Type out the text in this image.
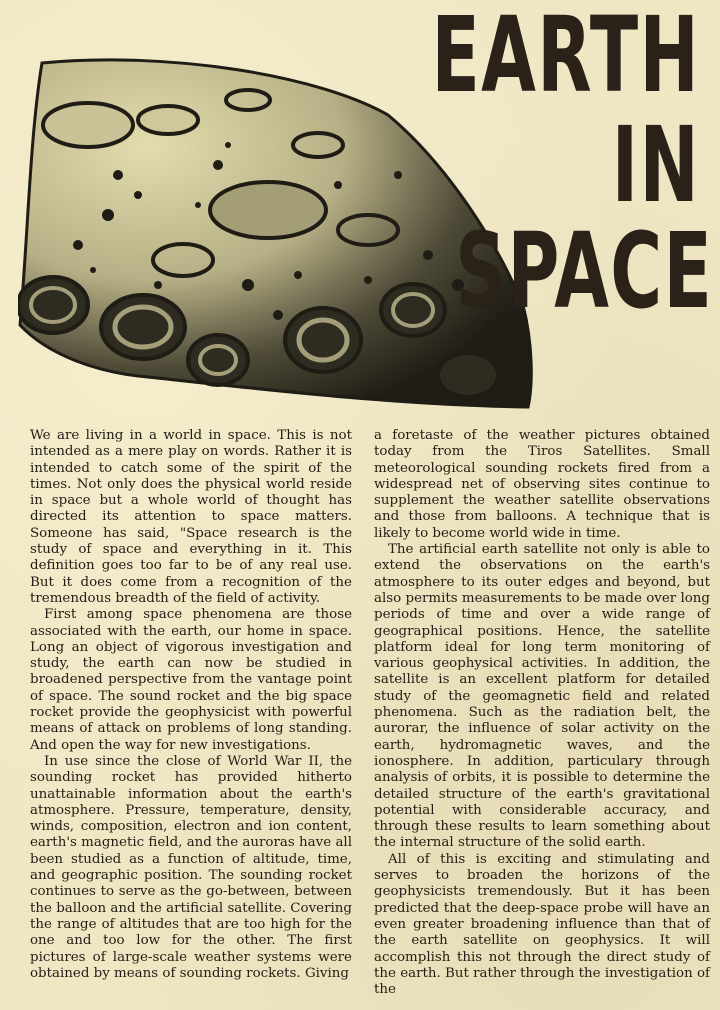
EARTH IN
SPACE

We are living in a world in space. This is not intended as a mere play on words. Rather it is intended to catch some of the spirit of the times. Not only does the physical world reside in space but a whole world of thought has directed its attention to space matters. Someone has said, "Space research is the study of space and everything in it. This definition goes too far to be of any real use. But it does come from a recognition of the tremendous breadth of the field of activity.

First among space phenomena are those associated with the earth, our home in space. Long an object of vigorous investigation and study, the earth can now be studied in broadened perspective from the vantage point of space. The sound rocket and the big space rocket provide the geophysicist with powerful means of attack on problems of long standing. And open the way for new investigations.

In use since the close of World War II, the sounding rocket has provided hitherto unattainable information about the earth's atmosphere. Pressure, temperature, density, winds, composition, electron and ion content, earth's magnetic field, and the auroras have all been studied as a function of altitude, time, and geographic position. The sounding rocket continues to serve as the go-between, between the balloon and the artificial satellite. Covering the range of altitudes that are too high for the one and too low for the other. The first pictures of large-scale weather systems were obtained by means of sounding rockets. Giving

a foretaste of the weather pictures obtained today from the Tiros Satellites. Small meteorological sounding rockets fired from a widespread net of observing sites continue to supplement the weather satellite observations and those from balloons. A technique that is likely to become world wide in time.

The artificial earth satellite not only is able to extend the observations on the earth's atmosphere to its outer edges and beyond, but also permits measurements to be made over long periods of time and over a wide range of geographical positions. Hence, the satellite platform ideal for long term monitoring of various geophysical activities. In addition, the satellite is an excellent platform for detailed study of the geomagnetic field and related phenomena. Such as the radiation belt, the aurorar, the influence of solar activity on the earth, hydromagnetic waves, and the ionosphere. In addition, particulary through analysis of orbits, it is possible to determine the detailed structure of the earth's gravitational potential with considerable accuracy, and through these results to learn something about the internal structure of the solid earth.

All of this is exciting and stimulating and serves to broaden the horizons of the geophysicists tremendously. But it has been predicted that the deep-space probe will have an even greater broadening influence than that of the earth satellite on geophysics. It will accomplish this not through the direct study of the earth. But rather through the investigation of the
